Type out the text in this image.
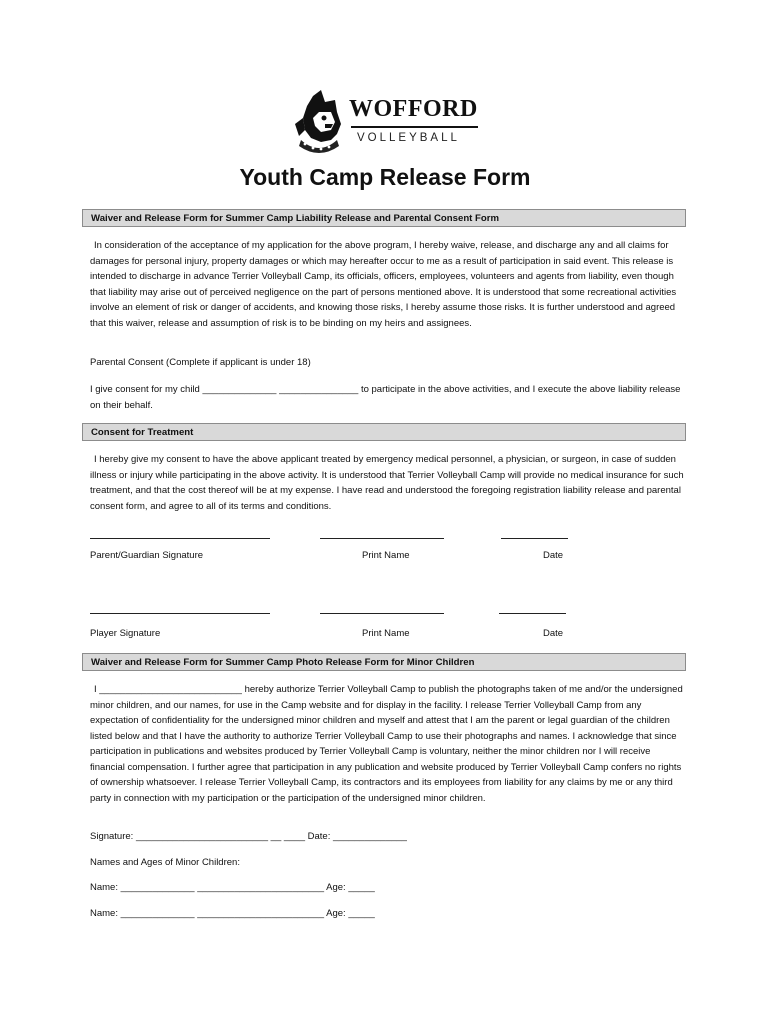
WOFFORD
VOLLEYBALL
Youth Camp Release Form
Waiver and Release Form for Summer Camp Liability Release and Parental Consent Form
In consideration of the acceptance of my application for the above program, I hereby waive, release, and discharge any and all claims for damages for personal injury, property damages or which may hereafter occur to me as a result of participation in said event. This release is intended to discharge in advance Terrier Volleyball Camp, its officials, officers, employees, volunteers and agents from liability, even though that liability may arise out of perceived negligence on the part of persons mentioned above. It is understood that some recreational activities involve an element of risk or danger of accidents, and knowing those risks, I hereby assume those risks. It is further understood and agreed that this waiver, release and assumption of risk is to be binding on my heirs and assignees.
Parental Consent (Complete if applicant is under 18)
I give consent for my child ______________ _______________ to participate in the above activities, and I execute the above liability release on their behalf.
Consent for Treatment
I hereby give my consent to have the above applicant treated by emergency medical personnel, a physician, or surgeon, in case of sudden illness or injury while participating in the above activity. It is understood that Terrier Volleyball Camp will provide no medical insurance for such treatment, and that the cost thereof will be at my expense. I have read and understood the foregoing registration liability release and parental consent form, and agree to all of its terms and conditions.
Parent/Guardian Signature	Print Name	Date
Player Signature	Print Name	Date
Waiver and Release Form for Summer Camp Photo Release Form for Minor Children
I ___________________________ hereby authorize Terrier Volleyball Camp to publish the photographs taken of me and/or the undersigned minor children, and our names, for use in the Camp website and for display in the facility. I release Terrier Volleyball Camp from any expectation of confidentiality for the undersigned minor children and myself and attest that I am the parent or legal guardian of the children listed below and that I have the authority to authorize Terrier Volleyball Camp to use their photographs and names. I acknowledge that since participation in publications and websites produced by Terrier Volleyball Camp is voluntary, neither the minor children nor I will receive financial compensation. I further agree that participation in any publication and website produced by Terrier Volleyball Camp confers no rights of ownership whatsoever. I release Terrier Volleyball Camp, its contractors and its employees from liability for any claims by me or any third party in connection with my participation or the participation of the undersigned minor children.
Signature: _________________________ __ ____ Date: ______________
Names and Ages of Minor Children:
Name: ______________ ________________________ Age: _____
Name: ______________ ________________________ Age: _____
